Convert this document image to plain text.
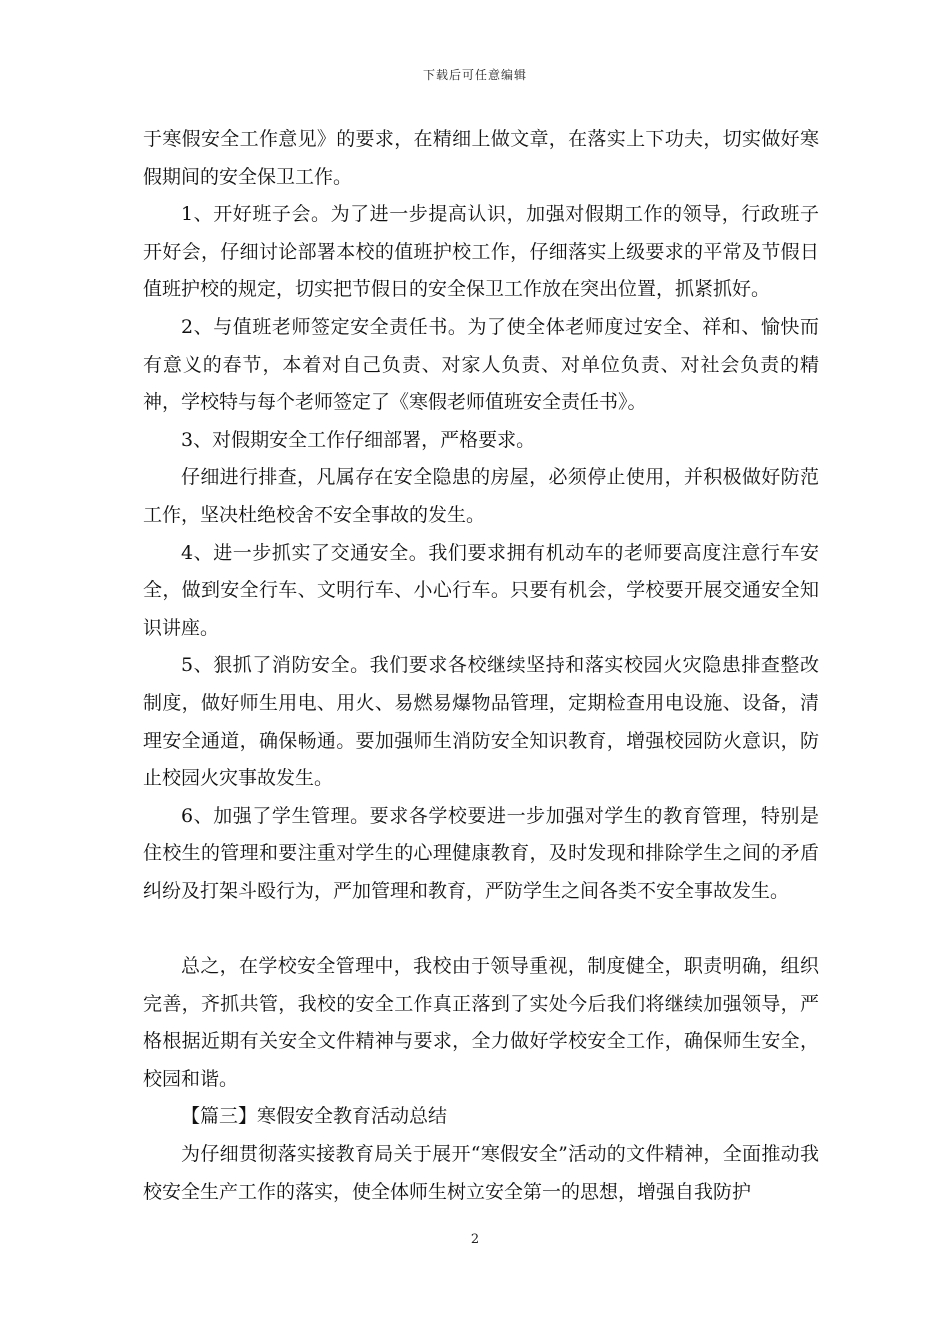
下载后可任意编辑

于寒假安全工作意见》的要求，在精细上做文章，在落实上下功夫，切实做好寒假期间的安全保卫工作。

1、开好班子会。为了进一步提高认识，加强对假期工作的领导，行政班子开好会，仔细讨论部署本校的值班护校工作，仔细落实上级要求的平常及节假日值班护校的规定，切实把节假日的安全保卫工作放在突出位置，抓紧抓好。

2、与值班老师签定安全责任书。为了使全体老师度过安全、祥和、愉快而有意义的春节，本着对自己负责、对家人负责、对单位负责、对社会负责的精神，学校特与每个老师签定了《寒假老师值班安全责任书》。

3、对假期安全工作仔细部署，严格要求。

仔细进行排查，凡属存在安全隐患的房屋，必须停止使用，并积极做好防范工作，坚决杜绝校舍不安全事故的发生。

4、进一步抓实了交通安全。我们要求拥有机动车的老师要高度注意行车安全，做到安全行车、文明行车、小心行车。只要有机会，学校要开展交通安全知识讲座。

5、狠抓了消防安全。我们要求各校继续坚持和落实校园火灾隐患排查整改制度，做好师生用电、用火、易燃易爆物品管理，定期检查用电设施、设备，清理安全通道，确保畅通。要加强师生消防安全知识教育，增强校园防火意识，防止校园火灾事故发生。

6、加强了学生管理。要求各学校要进一步加强对学生的教育管理，特别是住校生的管理和要注重对学生的心理健康教育，及时发现和排除学生之间的矛盾纠纷及打架斗殴行为，严加管理和教育，严防学生之间各类不安全事故发生。

总之，在学校安全管理中，我校由于领导重视，制度健全，职责明确，组织完善，齐抓共管，我校的安全工作真正落到了实处今后我们将继续加强领导，严格根据近期有关安全文件精神与要求，全力做好学校安全工作，确保师生安全，校园和谐。

【篇三】寒假安全教育活动总结

为仔细贯彻落实接教育局关于展开“寒假安全”活动的文件精神，全面推动我校安全生产工作的落实，使全体师生树立安全第一的思想，增强自我防护

2
